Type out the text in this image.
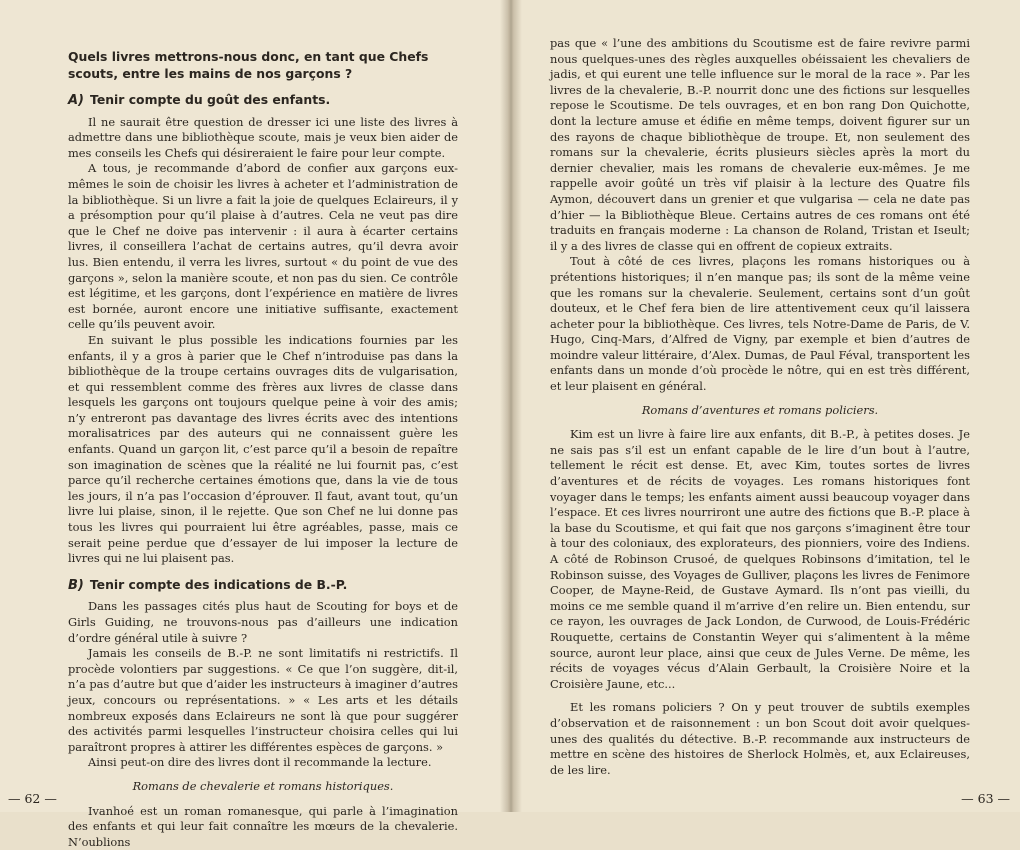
Quels livres mettrons-nous donc, en tant que Chefs scouts, entre les mains de nos garçons ?
A) Tenir compte du goût des enfants.

Il ne saurait être question de dresser ici une liste des livres à admettre dans une bibliothèque scoute, mais je veux bien aider de mes conseils les Chefs qui désireraient le faire pour leur compte.

A tous, je recommande d’abord de confier aux garçons eux-mêmes le soin de choisir les livres à acheter et l’administration de la bibliothèque. Si un livre a fait la joie de quelques Eclaireurs, il y a présomption pour qu’il plaise à d’autres. Cela ne veut pas dire que le Chef ne doive pas intervenir : il aura à écarter certains livres, il conseillera l’achat de certains autres, qu’il devra avoir lus. Bien entendu, il verra les livres, surtout « du point de vue des garçons », selon la manière scoute, et non pas du sien. Ce contrôle est légitime, et les garçons, dont l’expérience en matière de livres est bornée, auront encore une initiative suffisante, exactement celle qu’ils peuvent avoir.

En suivant le plus possible les indications fournies par les enfants, il y a gros à parier que le Chef n’introduise pas dans la bibliothèque de la troupe certains ouvrages dits de vulgarisation, et qui ressemblent comme des frères aux livres de classe dans lesquels les garçons ont toujours quelque peine à voir des amis; n’y entreront pas davantage des livres écrits avec des intentions moralisatrices par des auteurs qui ne connaissent guère les enfants. Quand un garçon lit, c’est parce qu’il a besoin de repaître son imagination de scènes que la réalité ne lui fournit pas, c’est parce qu’il recherche certaines émotions que, dans la vie de tous les jours, il n’a pas l’occasion d’éprouver. Il faut, avant tout, qu’un livre lui plaise, sinon, il le rejette. Que son Chef ne lui donne pas tous les livres qui pourraient lui être agréables, passe, mais ce serait peine perdue que d’essayer de lui imposer la lecture de livres qui ne lui plaisent pas.

B) Tenir compte des indications de B.-P.

Dans les passages cités plus haut de Scouting for boys et de Girls Guiding, ne trouvons-nous pas d’ailleurs une indication d’ordre général utile à suivre ?

Jamais les conseils de B.-P. ne sont limitatifs ni restrictifs. Il procède volontiers par suggestions. « Ce que l’on suggère, dit-il, n’a pas d’autre but que d’aider les instructeurs à imaginer d’autres jeux, concours ou représentations. » « Les arts et les détails nombreux exposés dans Eclaireurs ne sont là que pour suggérer des activités parmi lesquelles l’instructeur choisira celles qui lui paraîtront propres à attirer les différentes espèces de garçons. »

Ainsi peut-on dire des livres dont il recommande la lecture.

Romans de chevalerie et romans historiques.

Ivanhoé est un roman romanesque, qui parle à l’imagination des enfants et qui leur fait connaître les mœurs de la chevalerie. N’oublions

— 62 —

pas que « l’une des ambitions du Scoutisme est de faire revivre parmi nous quelques-unes des règles auxquelles obéissaient les chevaliers de jadis, et qui eurent une telle influence sur le moral de la race ». Par les livres de la chevalerie, B.-P. nourrit donc une des fictions sur lesquelles repose le Scoutisme. De tels ouvrages, et en bon rang Don Quichotte, dont la lecture amuse et édifie en même temps, doivent figurer sur un des rayons de chaque bibliothèque de troupe. Et, non seulement des romans sur la chevalerie, écrits plusieurs siècles après la mort du dernier chevalier, mais les romans de chevalerie eux-mêmes. Je me rappelle avoir goûté un très vif plaisir à la lecture des Quatre fils Aymon, découvert dans un grenier et que vulgarisa — cela ne date pas d’hier — la Bibliothèque Bleue. Certains autres de ces romans ont été traduits en français moderne : La chanson de Roland, Tristan et Iseult; il y a des livres de classe qui en offrent de copieux extraits.

Tout à côté de ces livres, plaçons les romans historiques ou à prétentions historiques; il n’en manque pas; ils sont de la même veine que les romans sur la chevalerie. Seulement, certains sont d’un goût douteux, et le Chef fera bien de lire attentivement ceux qu’il laissera acheter pour la bibliothèque. Ces livres, tels Notre-Dame de Paris, de V. Hugo, Cinq-Mars, d’Alfred de Vigny, par exemple et bien d’autres de moindre valeur littéraire, d’Alex. Dumas, de Paul Féval, transportent les enfants dans un monde d’où procède le nôtre, qui en est très différent, et leur plaisent en général.

Romans d’aventures et romans policiers.

Kim est un livre à faire lire aux enfants, dit B.-P., à petites doses. Je ne sais pas s’il est un enfant capable de le lire d’un bout à l’autre, tellement le récit est dense. Et, avec Kim, toutes sortes de livres d’aventures et de récits de voyages. Les romans historiques font voyager dans le temps; les enfants aiment aussi beaucoup voyager dans l’espace. Et ces livres nourriront une autre des fictions que B.-P. place à la base du Scoutisme, et qui fait que nos garçons s’imaginent être tour à tour des coloniaux, des explorateurs, des pionniers, voire des Indiens. A côté de Robinson Crusoé, de quelques Robinsons d’imitation, tel le Robinson suisse, des Voyages de Gulliver, plaçons les livres de Fenimore Cooper, de Mayne-Reid, de Gustave Aymard. Ils n’ont pas vieilli, du moins ce me semble quand il m’arrive d’en relire un. Bien entendu, sur ce rayon, les ouvrages de Jack London, de Curwood, de Louis-Frédéric Rouquette, certains de Constantin Weyer qui s’alimentent à la même source, auront leur place, ainsi que ceux de Jules Verne. De même, les récits de voyages vécus d’Alain Gerbault, la Croisière Noire et la Croisière Jaune, etc...

Et les romans policiers ? On y peut trouver de subtils exemples d’observation et de raisonnement : un bon Scout doit avoir quelques-unes des qualités du détective. B.-P. recommande aux instructeurs de mettre en scène des histoires de Sherlock Holmès, et, aux Eclaireuses, de les lire.

— 63 —
